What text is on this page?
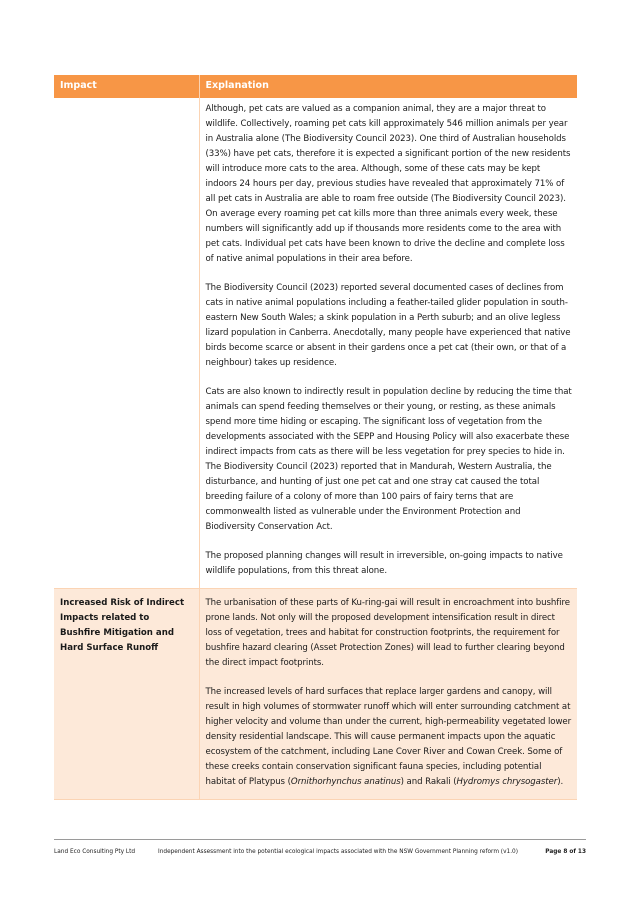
Impact	Explanation

	Although, pet cats are valued as a companion animal, they are a major threat to wildlife. Collectively, roaming pet cats kill approximately 546 million animals per year in Australia alone (The Biodiversity Council 2023). One third of Australian households (33%) have pet cats, therefore it is expected a significant portion of the new residents will introduce more cats to the area. Although, some of these cats may be kept indoors 24 hours per day, previous studies have revealed that approximately 71% of all pet cats in Australia are able to roam free outside (The Biodiversity Council 2023). On average every roaming pet cat kills more than three animals every week, these numbers will significantly add up if thousands more residents come to the area with pet cats. Individual pet cats have been known to drive the decline and complete loss of native animal populations in their area before.

The Biodiversity Council (2023) reported several documented cases of declines from cats in native animal populations including a feather-tailed glider population in south-eastern New South Wales; a skink population in a Perth suburb; and an olive legless lizard population in Canberra. Anecdotally, many people have experienced that native birds become scarce or absent in their gardens once a pet cat (their own, or that of a neighbour) takes up residence.

Cats are also known to indirectly result in population decline by reducing the time that animals can spend feeding themselves or their young, or resting, as these animals spend more time hiding or escaping. The significant loss of vegetation from the developments associated with the SEPP and Housing Policy will also exacerbate these indirect impacts from cats as there will be less vegetation for prey species to hide in. The Biodiversity Council (2023) reported that in Mandurah, Western Australia, the disturbance, and hunting of just one pet cat and one stray cat caused the total breeding failure of a colony of more than 100 pairs of fairy terns that are commonwealth listed as vulnerable under the Environment Protection and Biodiversity Conservation Act.

The proposed planning changes will result in irreversible, on-going impacts to native wildlife populations, from this threat alone.

Increased Risk of Indirect Impacts related to Bushfire Mitigation and Hard Surface Runoff	The urbanisation of these parts of Ku-ring-gai will result in encroachment into bushfire prone lands. Not only will the proposed development intensification result in direct loss of vegetation, trees and habitat for construction footprints, the requirement for bushfire hazard clearing (Asset Protection Zones) will lead to further clearing beyond the direct impact footprints.

The increased levels of hard surfaces that replace larger gardens and canopy, will result in high volumes of stormwater runoff which will enter surrounding catchment at higher velocity and volume than under the current, high-permeability vegetated lower density residential landscape. This will cause permanent impacts upon the aquatic ecosystem of the catchment, including Lane Cover River and Cowan Creek. Some of these creeks contain conservation significant fauna species, including potential habitat of Platypus (Ornithorhynchus anatinus) and Rakali (Hydromys chrysogaster).

Land Eco Consulting Pty Ltd	Independent Assessment into the potential ecological impacts associated with the NSW Government Planning reform (v1.0)	Page 8 of 13
